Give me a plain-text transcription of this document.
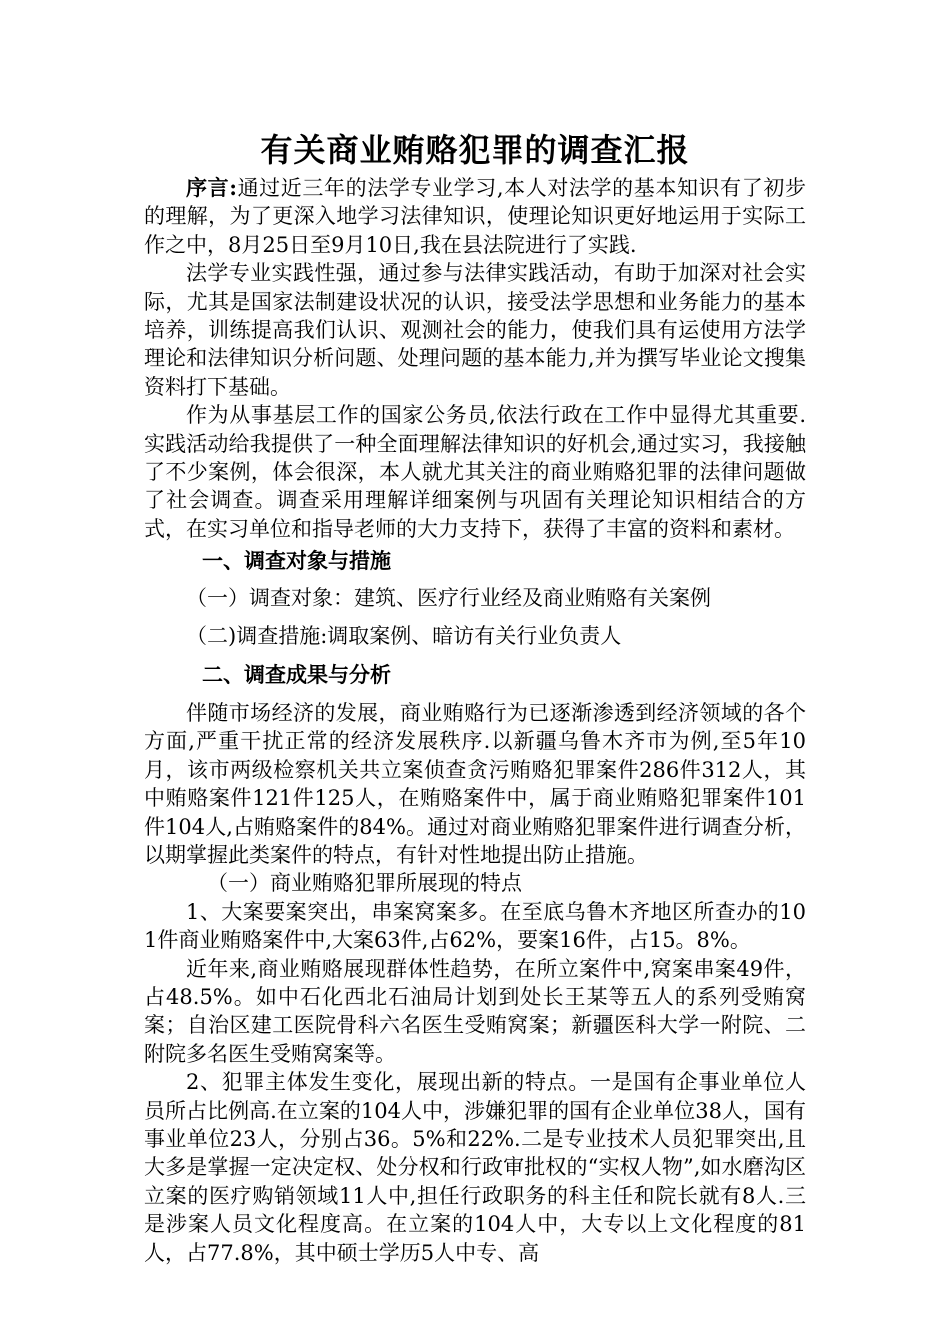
有关商业贿赂犯罪的调查汇报

序言:通过近三年的法学专业学习,本人对法学的基本知识有了初步的理解，为了更深入地学习法律知识，使理论知识更好地运用于实际工作之中，8月25日至9月10日,我在县法院进行了实践.

法学专业实践性强，通过参与法律实践活动，有助于加深对社会实际，尤其是国家法制建设状况的认识，接受法学思想和业务能力的基本培养，训练提高我们认识、观测社会的能力，使我们具有运使用方法学理论和法律知识分析问题、处理问题的基本能力,并为撰写毕业论文搜集资料打下基础。

作为从事基层工作的国家公务员,依法行政在工作中显得尤其重要.实践活动给我提供了一种全面理解法律知识的好机会,通过实习，我接触了不少案例，体会很深，本人就尤其关注的商业贿赂犯罪的法律问题做了社会调查。调查采用理解详细案例与巩固有关理论知识相结合的方式，在实习单位和指导老师的大力支持下，获得了丰富的资料和素材。

一、调查对象与措施
（一）调查对象：建筑、医疗行业经及商业贿赂有关案例
（二)调查措施:调取案例、暗访有关行业负责人
二、调查成果与分析

伴随市场经济的发展，商业贿赂行为已逐渐渗透到经济领域的各个方面,严重干扰正常的经济发展秩序.以新疆乌鲁木齐市为例,至5年10月，该市两级检察机关共立案侦查贪污贿赂犯罪案件286件312人，其中贿赂案件121件125人，在贿赂案件中，属于商业贿赂犯罪案件101件104人,占贿赂案件的84%。通过对商业贿赂犯罪案件进行调查分析，以期掌握此类案件的特点，有针对性地提出防止措施。

（一）商业贿赂犯罪所展现的特点

1、大案要案突出，串案窝案多。在至底乌鲁木齐地区所查办的101件商业贿赂案件中,大案63件,占62%，要案16件，占15。8%。

近年来,商业贿赂展现群体性趋势，在所立案件中,窝案串案49件，占48.5%。如中石化西北石油局计划到处长王某等五人的系列受贿窝案；自治区建工医院骨科六名医生受贿窝案；新疆医科大学一附院、二附院多名医生受贿窝案等。

2、犯罪主体发生变化，展现出新的特点。一是国有企事业单位人员所占比例高.在立案的104人中，涉嫌犯罪的国有企业单位38人，国有事业单位23人，分别占36。5%和22%.二是专业技术人员犯罪突出,且大多是掌握一定决定权、处分权和行政审批权的“实权人物”,如水磨沟区立案的医疗购销领域11人中,担任行政职务的科主任和院长就有8人.三是涉案人员文化程度高。在立案的104人中，大专以上文化程度的81人，占77.8%，其中硕士学历5人中专、高
